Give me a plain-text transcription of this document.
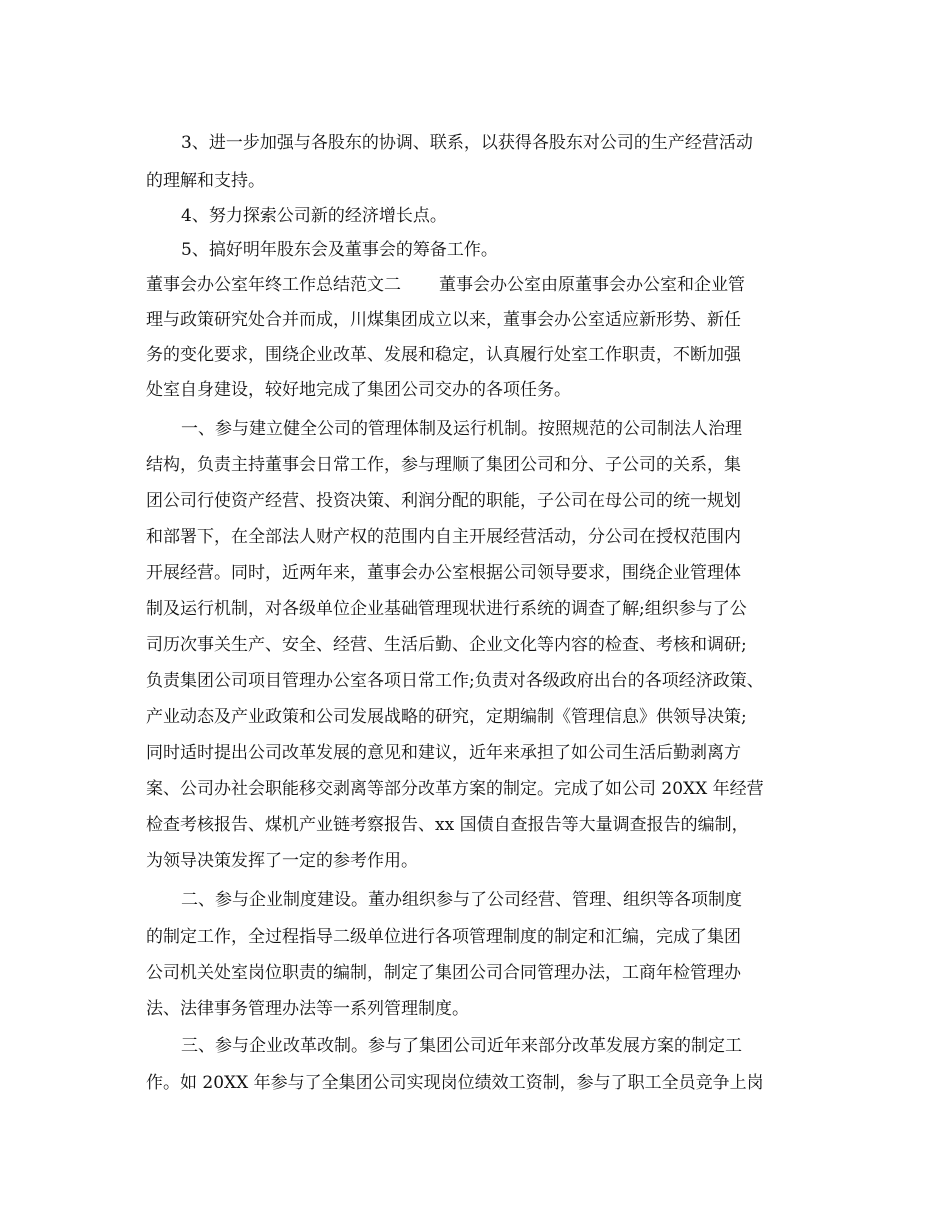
3、进一步加强与各股东的协调、联系，以获得各股东对公司的生产经营活动
的理解和支持。
4、努力探索公司新的经济增长点。
5、搞好明年股东会及董事会的筹备工作。
董事会办公室年终工作总结范文二 董事会办公室由原董事会办公室和企业管
理与政策研究处合并而成，川煤集团成立以来，董事会办公室适应新形势、新任
务的变化要求，围绕企业改革、发展和稳定，认真履行处室工作职责，不断加强
处室自身建设，较好地完成了集团公司交办的各项任务。
一、参与建立健全公司的管理体制及运行机制。按照规范的公司制法人治理
结构，负责主持董事会日常工作，参与理顺了集团公司和分、子公司的关系，集
团公司行使资产经营、投资决策、利润分配的职能，子公司在母公司的统一规划
和部署下，在全部法人财产权的范围内自主开展经营活动，分公司在授权范围内
开展经营。同时，近两年来，董事会办公室根据公司领导要求，围绕企业管理体
制及运行机制，对各级单位企业基础管理现状进行系统的调查了解;组织参与了公
司历次事关生产、安全、经营、生活后勤、企业文化等内容的检查、考核和调研;
负责集团公司项目管理办公室各项日常工作;负责对各级政府出台的各项经济政策、
产业动态及产业政策和公司发展战略的研究，定期编制《管理信息》供领导决策;
同时适时提出公司改革发展的意见和建议，近年来承担了如公司生活后勤剥离方
案、公司办社会职能移交剥离等部分改革方案的制定。完成了如公司 20XX 年经营
检查考核报告、煤机产业链考察报告、xx 国债自查报告等大量调查报告的编制，
为领导决策发挥了一定的参考作用。
二、参与企业制度建设。董办组织参与了公司经营、管理、组织等各项制度
的制定工作，全过程指导二级单位进行各项管理制度的制定和汇编，完成了集团
公司机关处室岗位职责的编制，制定了集团公司合同管理办法，工商年检管理办
法、法律事务管理办法等一系列管理制度。
三、参与企业改革改制。参与了集团公司近年来部分改革发展方案的制定工
作。如 20XX 年参与了全集团公司实现岗位绩效工资制，参与了职工全员竞争上岗
